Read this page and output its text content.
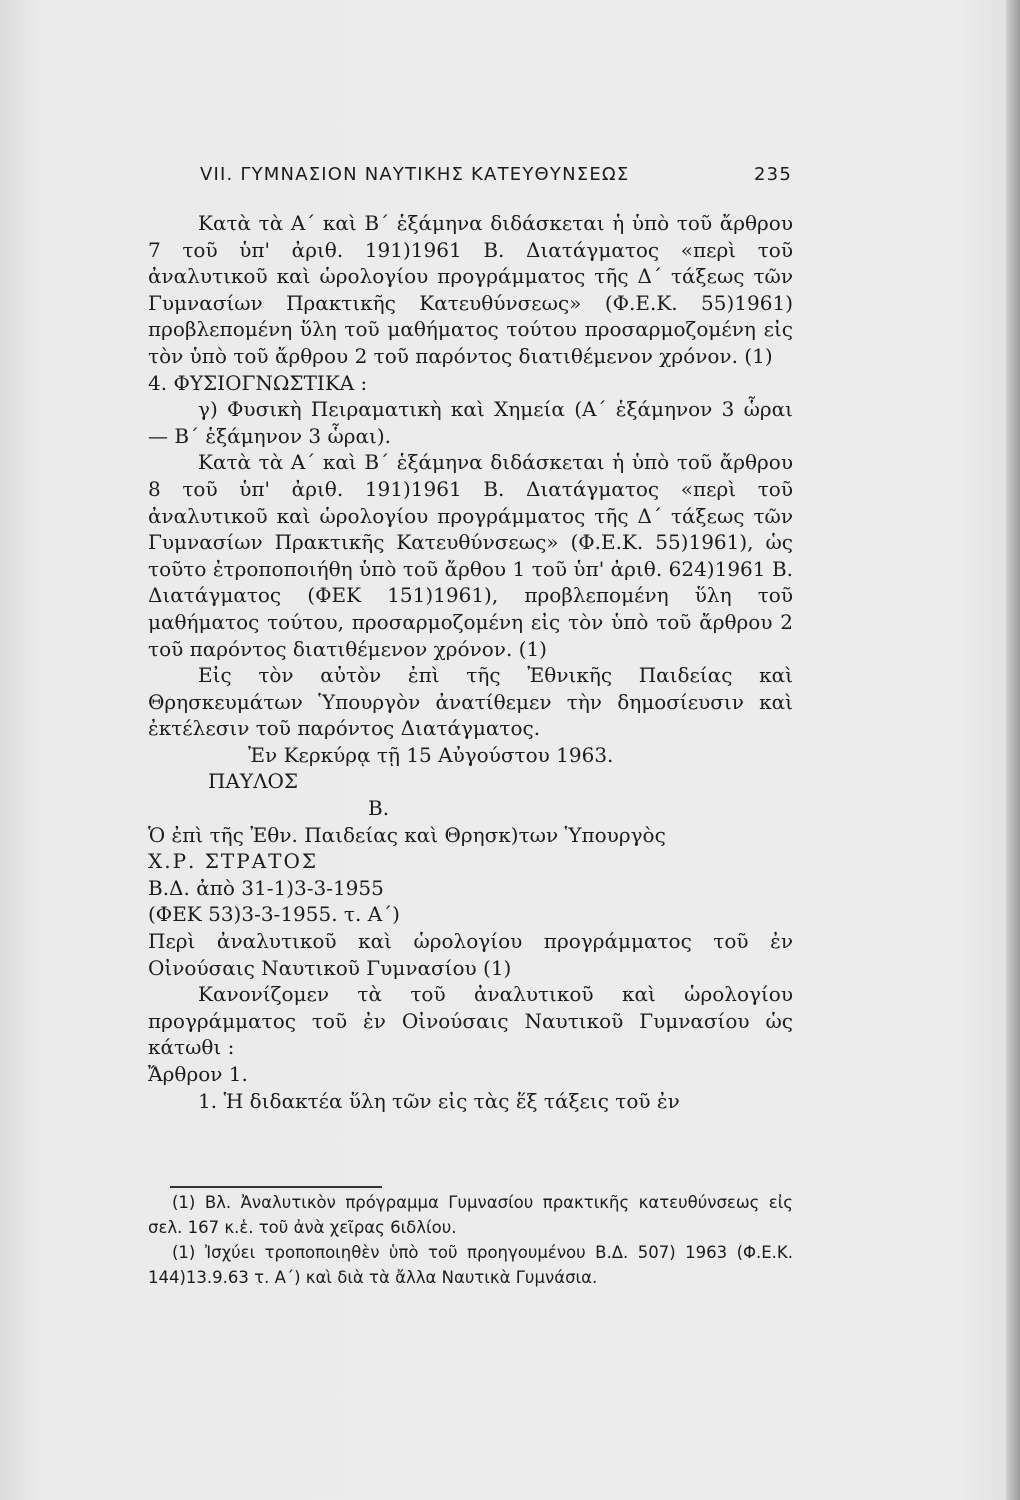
VII. ΓΥΜΝΑΣΙΟΝ ΝΑΥΤΙΚΗΣ ΚΑΤΕΥΘΥΝΣΕΩΣ	235

Κατὰ τὰ Α΄ καὶ Β΄ ἑξάμηνα διδάσκεται ἡ ὑπὸ τοῦ ἄρθρου 7 τοῦ ὑπ' ἀριθ. 191)1961 Β. Διατάγματος «περὶ τοῦ ἀναλυτικοῦ καὶ ὡρολογίου προγράμματος τῆς Δ΄ τάξεως τῶν Γυμνασίων Πρακτικῆς Κατευθύνσεως» (Φ.Ε.Κ. 55)1961) προβλεπομένη ὕλη τοῦ μαθήματος τούτου προσαρμοζομένη εἰς τὸν ὑπὸ τοῦ ἄρθρου 2 τοῦ παρόντος διατιθέμενον χρόνον. (1)

4. ΦΥΣΙΟΓΝΩΣΤΙΚΑ :

γ) Φυσικὴ Πειραματικὴ καὶ Χημεία (Α΄ ἑξάμηνον 3 ὧραι — Β΄ ἑξάμηνον 3 ὧραι).

Κατὰ τὰ Α΄ καὶ Β΄ ἑξάμηνα διδάσκεται ἡ ὑπὸ τοῦ ἄρθρου 8 τοῦ ὑπ' ἀριθ. 191)1961 Β. Διατάγματος «περὶ τοῦ ἀναλυτικοῦ καὶ ὡρολογίου προγράμματος τῆς Δ΄ τάξεως τῶν Γυμνασίων Πρακτικῆς Κατευθύνσεως» (Φ.Ε.Κ. 55)1961), ὡς τοῦτο ἐτροποποιήθη ὑπὸ τοῦ ἄρθου 1 τοῦ ὑπ' ἀριθ. 624)1961 Β. Διατάγματος (ΦΕΚ 151)1961), προβλεπομένη ὕλη τοῦ μαθήματος τούτου, προσαρμοζομένη εἰς τὸν ὑπὸ τοῦ ἄρθρου 2 τοῦ παρόντος διατιθέμενον χρόνον. (1)

Εἰς τὸν αὐτὸν ἐπὶ τῆς Ἐθνικῆς Παιδείας καὶ Θρησκευμάτων Ὑπουργὸν ἀνατίθεμεν τὴν δημοσίευσιν καὶ ἐκτέλεσιν τοῦ παρόντος Διατάγματος.

Ἐν Κερκύρᾳ τῇ 15 Αὐγούστου 1963.

ΠΑΥΛΟΣ

Β.

Ὁ ἐπὶ τῆς Ἐθν. Παιδείας καὶ Θρησκ)των Ὑπουργὸς

Χ.Ρ. ΣΤΡΑΤΟΣ

Β.Δ. ἀπὸ 31-1)3-3-1955

(ΦΕΚ 53)3-3-1955. τ. Α΄)

Περὶ ἀναλυτικοῦ καὶ ὡρολογίου προγράμματος τοῦ ἐν Οἰνούσαις Ναυτικοῦ Γυμνασίου (1)

Κανονίζομεν τὰ τοῦ ἀναλυτικοῦ καὶ ὡρολογίου προγράμματος τοῦ ἐν Οἰνούσαις Ναυτικοῦ Γυμνασίου ὡς κάτωθι :

Ἄρθρον 1.

1. Ἡ διδακτέα ὕλη τῶν εἰς τὰς ἕξ τάξεις τοῦ ἐν

(1) Βλ. Ἀναλυτικὸν πρόγραμμα Γυμνασίου πρακτικῆς κατευθύνσεως εἰς σελ. 167 κ.ἑ. τοῦ ἀνὰ χεῖρας 6ιδλίου.

(1) Ἰσχύει τροποποιηθὲν ὑπὸ τοῦ προηγουμένου Β.Δ. 507) 1963 (Φ.Ε.Κ. 144)13.9.63 τ. Α΄) καὶ διὰ τὰ ἄλλα Ναυτικὰ Γυμνάσια.
